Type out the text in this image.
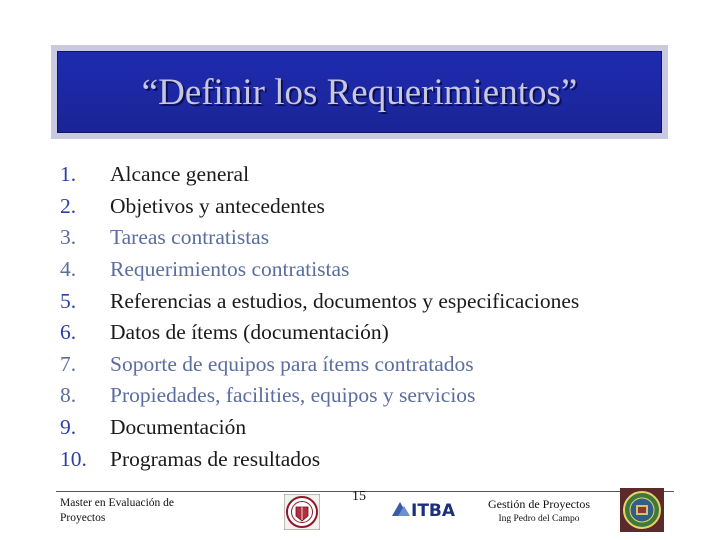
“Definir los Requerimientos”
1.	Alcance general
2.	Objetivos y antecedentes
3.	Tareas contratistas
4.	Requerimientos contratistas
5.	Referencias a estudios, documentos y especificaciones
6.	Datos de ítems (documentación)
7.	Soporte de equipos para ítems contratados
8.	Propiedades, facilities, equipos y servicios
9.	Documentación
10.	Programas de resultados
Master en Evaluación de Proyectos
15
ITBA	Gestión de Proyectos
Ing Pedro del Campo
